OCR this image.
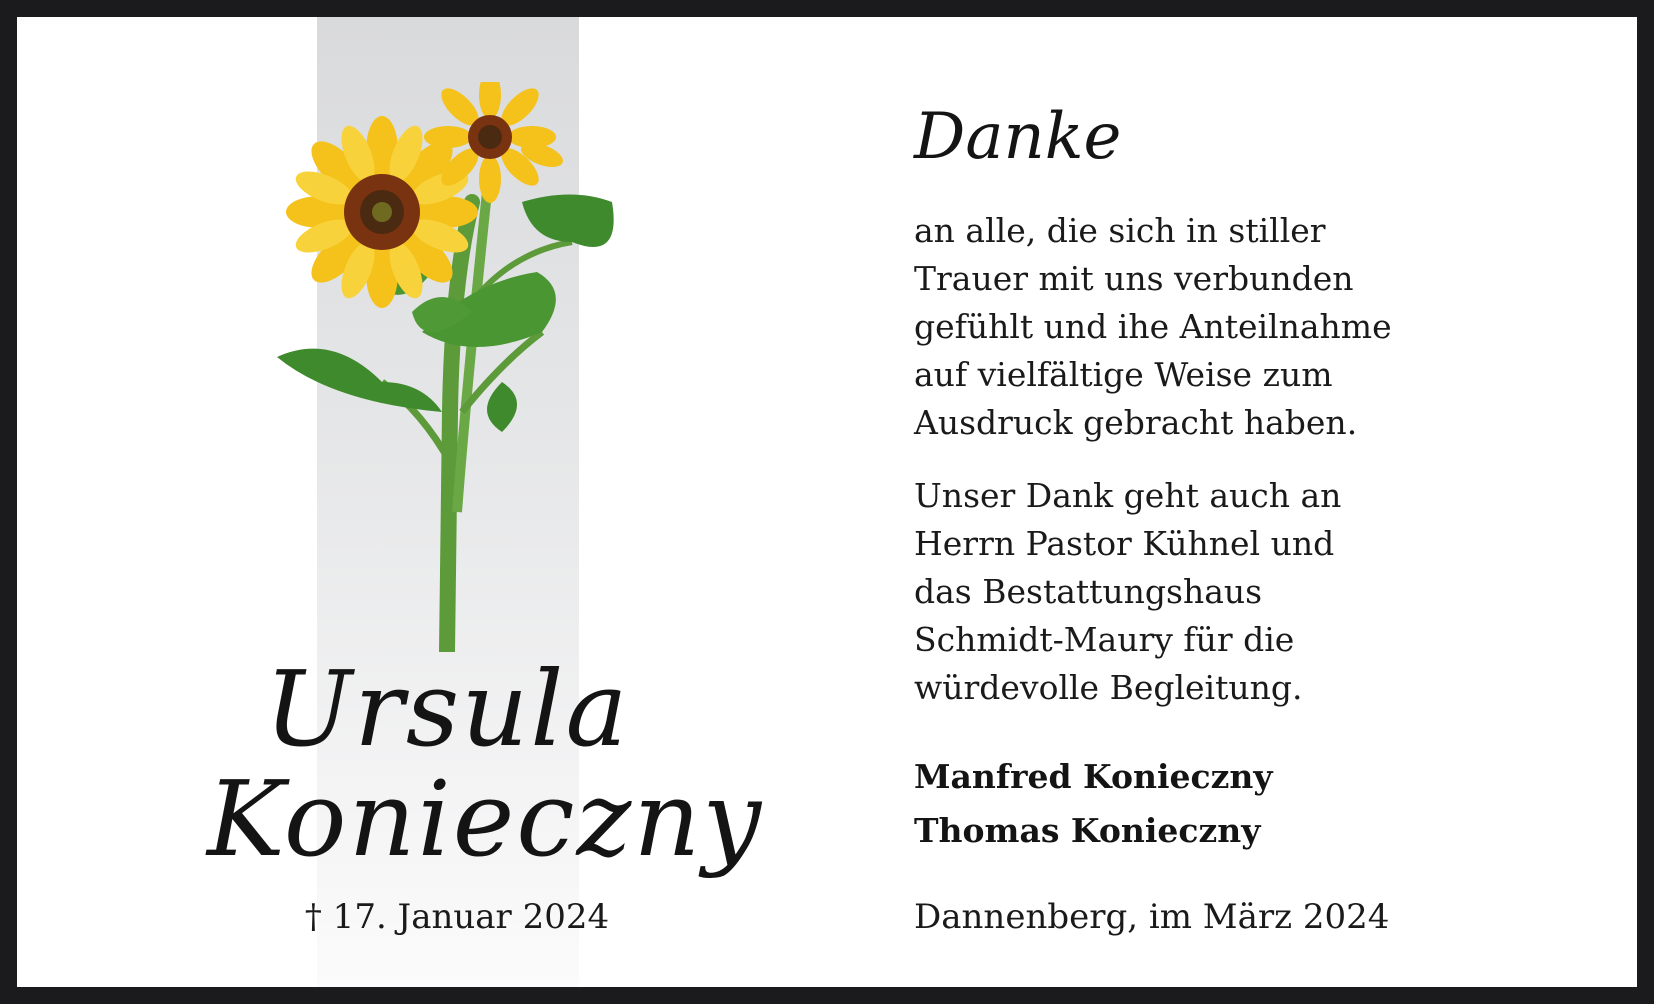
Ursula
Konieczny
† 17. Januar 2024
Danke
an alle, die sich in stiller
Trauer mit uns verbunden
gefühlt und ihe Anteilnahme
auf vielfältige Weise zum
Ausdruck gebracht haben.
Unser Dank geht auch an
Herrn Pastor Kühnel und
das Bestattungshaus
Schmidt-Maury für die
würdevolle Begleitung.
Manfred Konieczny
Thomas Konieczny
Dannenberg, im März 2024
